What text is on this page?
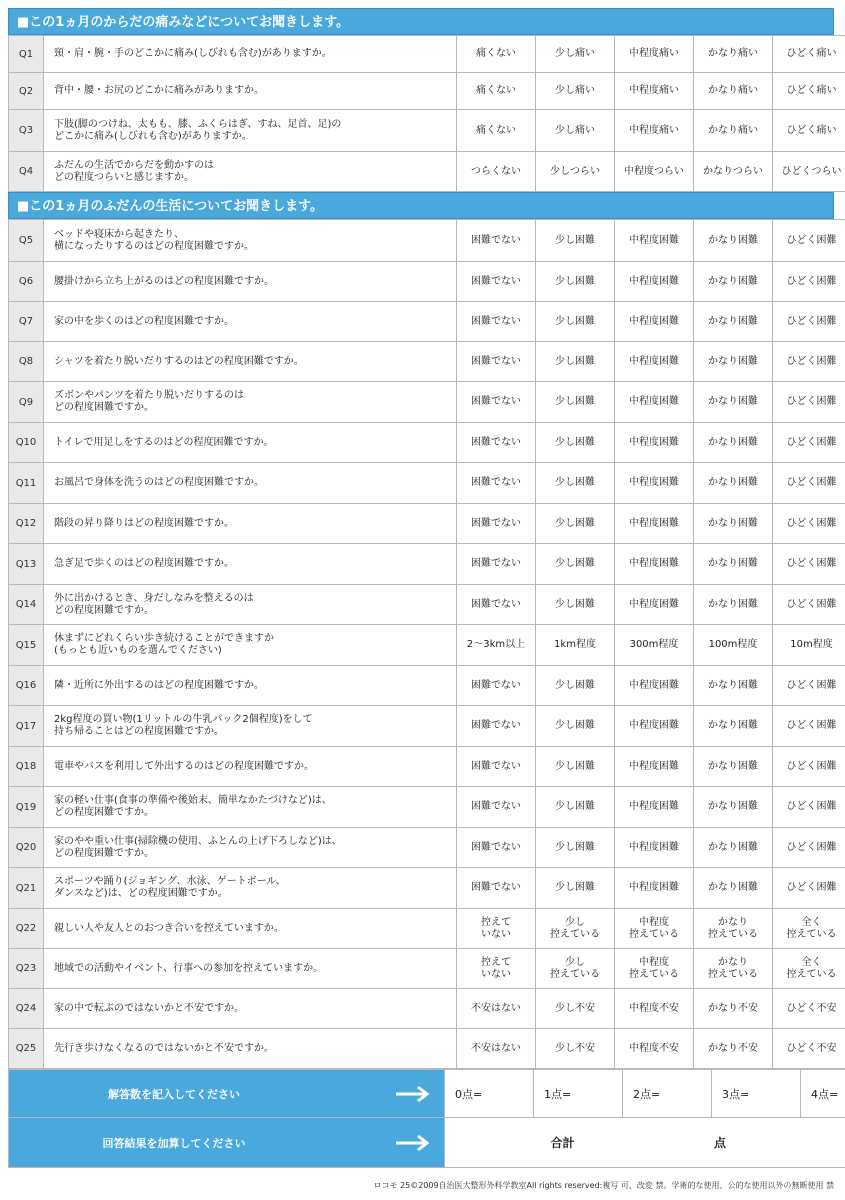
■この1ヵ月のからだの痛みなどについてお聞きします。
Q1	頸・肩・腕・手のどこかに痛み(しびれも含む)がありますか。	痛くない	少し痛い	中程度痛い	かなり痛い	ひどく痛い
Q2	背中・腰・お尻のどこかに痛みがありますか。	痛くない	少し痛い	中程度痛い	かなり痛い	ひどく痛い
Q3	下肢(脚のつけね、太もも、膝、ふくらはぎ、すね、足首、足)の
どこかに痛み(しびれも含む)がありますか。	痛くない	少し痛い	中程度痛い	かなり痛い	ひどく痛い
Q4	ふだんの生活でからだを動かすのは
どの程度つらいと感じますか。	つらくない	少しつらい	中程度つらい	かなりつらい	ひどくつらい
■この1ヵ月のふだんの生活についてお聞きします。
Q5	ベッドや寝床から起きたり、
横になったりするのはどの程度困難ですか。	困難でない	少し困難	中程度困難	かなり困難	ひどく困難
Q6	腰掛けから立ち上がるのはどの程度困難ですか。	困難でない	少し困難	中程度困難	かなり困難	ひどく困難
Q7	家の中を歩くのはどの程度困難ですか。	困難でない	少し困難	中程度困難	かなり困難	ひどく困難
Q8	シャツを着たり脱いだりするのはどの程度困難ですか。	困難でない	少し困難	中程度困難	かなり困難	ひどく困難
Q9	ズボンやパンツを着たり脱いだりするのは
どの程度困難ですか。	困難でない	少し困難	中程度困難	かなり困難	ひどく困難
Q10	トイレで用足しをするのはどの程度困難ですか。	困難でない	少し困難	中程度困難	かなり困難	ひどく困難
Q11	お風呂で身体を洗うのはどの程度困難ですか。	困難でない	少し困難	中程度困難	かなり困難	ひどく困難
Q12	階段の昇り降りはどの程度困難ですか。	困難でない	少し困難	中程度困難	かなり困難	ひどく困難
Q13	急ぎ足で歩くのはどの程度困難ですか。	困難でない	少し困難	中程度困難	かなり困難	ひどく困難
Q14	外に出かけるとき、身だしなみを整えるのは
どの程度困難ですか。	困難でない	少し困難	中程度困難	かなり困難	ひどく困難
Q15	休まずにどれくらい歩き続けることができますか
(もっとも近いものを選んでください)	2～3km以上	1km程度	300m程度	100m程度	10m程度
Q16	隣・近所に外出するのはどの程度困難ですか。	困難でない	少し困難	中程度困難	かなり困難	ひどく困難
Q17	2kg程度の買い物(1リットルの牛乳パック2個程度)をして
持ち帰ることはどの程度困難ですか。	困難でない	少し困難	中程度困難	かなり困難	ひどく困難
Q18	電車やバスを利用して外出するのはどの程度困難ですか。	困難でない	少し困難	中程度困難	かなり困難	ひどく困難
Q19	家の軽い仕事(食事の準備や後始末、簡単なかたづけなど)は、
どの程度困難ですか。	困難でない	少し困難	中程度困難	かなり困難	ひどく困難
Q20	家のやや重い仕事(掃除機の使用、ふとんの上げ下ろしなど)は、
どの程度困難ですか。	困難でない	少し困難	中程度困難	かなり困難	ひどく困難
Q21	スポーツや踊り(ジョギング、水泳、ゲートボール、
ダンスなど)は、どの程度困難ですか。	困難でない	少し困難	中程度困難	かなり困難	ひどく困難
Q22	親しい人や友人とのおつき合いを控えていますか。	控えて
いない	少し
控えている	中程度
控えている	かなり
控えている	全く
控えている
Q23	地域での活動やイベント、行事への参加を控えていますか。	控えて
いない	少し
控えている	中程度
控えている	かなり
控えている	全く
控えている
Q24	家の中で転ぶのではないかと不安ですか。	不安はない	少し不安	中程度不安	かなり不安	ひどく不安
Q25	先行き歩けなくなるのではないかと不安ですか。	不安はない	少し不安	中程度不安	かなり不安	ひどく不安
解答数を記入してください	0点=	1点=	2点=	3点=	4点=

回答結果を加算してください	合計 点				
ロコモ 25©2009自治医大整形外科学教室All rights reserved:複写 可、改変 禁。学術的な使用、公的な使用以外の無断使用 禁
